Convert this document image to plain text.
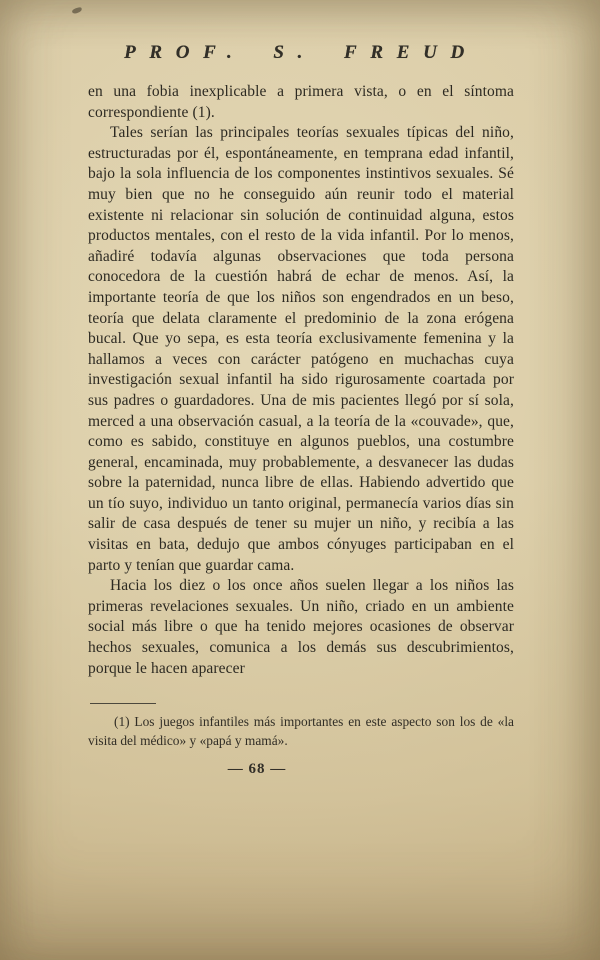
PROF. S. FREUD

en una fobia inexplicable a primera vista, o en el síntoma correspondiente (1).

Tales serían las principales teorías sexuales típicas del niño, estructuradas por él, espontáneamente, en temprana edad infantil, bajo la sola influencia de los componentes instintivos sexuales. Sé muy bien que no he conseguido aún reunir todo el material existente ni relacionar sin solución de continuidad alguna, estos productos mentales, con el resto de la vida infantil. Por lo menos, añadiré todavía algunas observaciones que toda persona conocedora de la cuestión habrá de echar de menos. Así, la importante teoría de que los niños son engendrados en un beso, teoría que delata claramente el predominio de la zona erógena bucal. Que yo sepa, es esta teoría exclusivamente femenina y la hallamos a veces con carácter patógeno en muchachas cuya investigación sexual infantil ha sido rigurosamente coartada por sus padres o guardadores. Una de mis pacientes llegó por sí sola, merced a una observación casual, a la teoría de la «couvade», que, como es sabido, constituye en algunos pueblos, una costumbre general, encaminada, muy probablemente, a desvanecer las dudas sobre la paternidad, nunca libre de ellas. Habiendo advertido que un tío suyo, individuo un tanto original, permanecía varios días sin salir de casa después de tener su mujer un niño, y recibía a las visitas en bata, dedujo que ambos cónyuges participaban en el parto y tenían que guardar cama.

Hacia los diez o los once años suelen llegar a los niños las primeras revelaciones sexuales. Un niño, criado en un ambiente social más libre o que ha tenido mejores ocasiones de observar hechos sexuales, comunica a los demás sus descubrimientos, porque le hacen aparecer

(1) Los juegos infantiles más importantes en este aspecto son los de «la visita del médico» y «papá y mamá».

— 68 —
